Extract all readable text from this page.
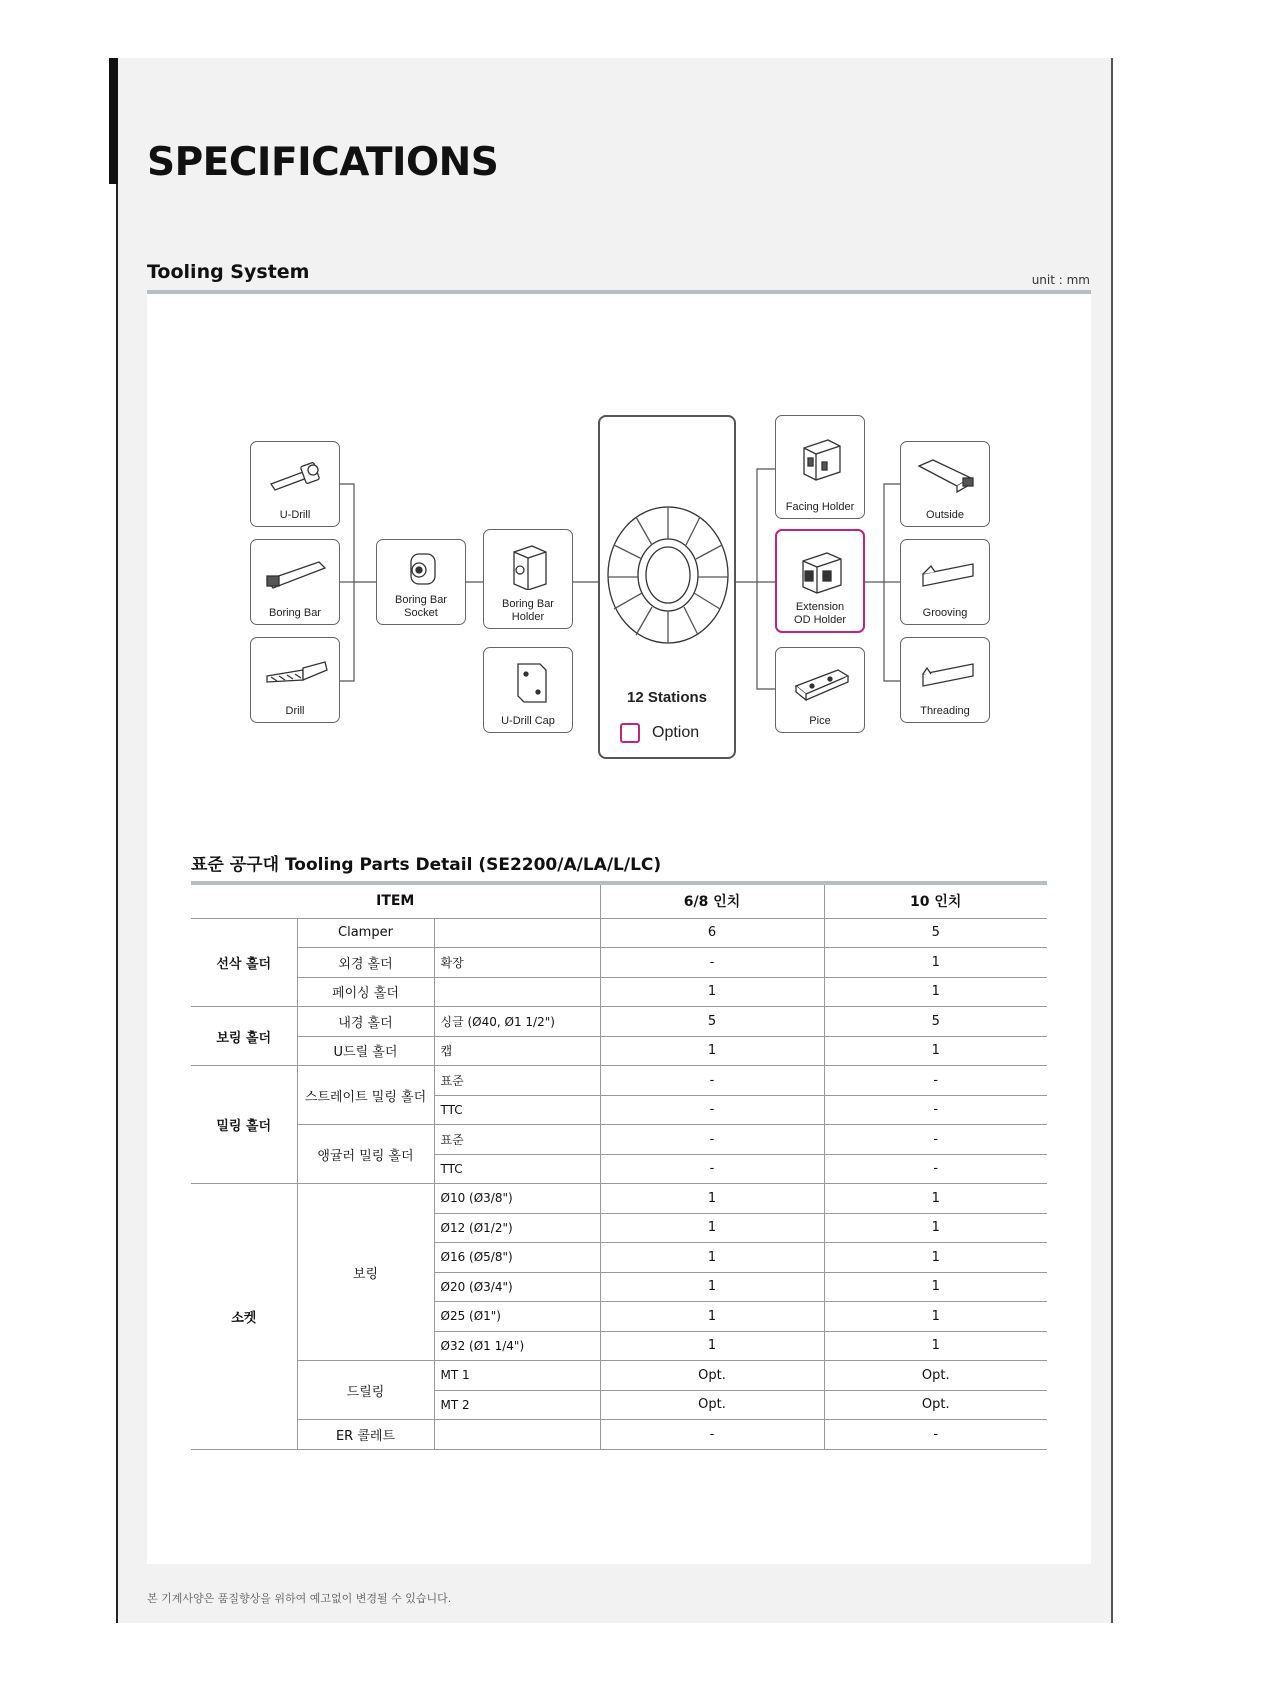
SPECIFICATIONS
Tooling System	unit : mm
U-Drill
Boring Bar
Drill
Boring Bar
Socket
Boring Bar
Holder
U-Drill Cap
12 Stations
Option
Facing Holder
Extension
OD Holder
Pice
Outside
Grooving
Threading
표준 공구대 Tooling Parts Detail (SE2200/A/LA/L/LC)
ITEM			6/8 인치	10 인치
선삭 홀더	Clamper		6	5
	외경 홀더	확장	-	1
	페이싱 홀더		1	1
보링 홀더	내경 홀더	싱글 (Ø40, Ø1 1/2")	5	5
	U드릴 홀더	캡	1	1
밀링 홀더	스트레이트 밀링 홀더	표준	-	-
		TTC	-	-
	앵귤러 밀링 홀더	표준	-	-
		TTC	-	-
소켓	보링	Ø10 (Ø3/8")	1	1
		Ø12 (Ø1/2")	1	1
		Ø16 (Ø5/8")	1	1
		Ø20 (Ø3/4")	1	1
		Ø25 (Ø1")	1	1
		Ø32 (Ø1 1/4")	1	1
	드릴링	MT 1	Opt.	Opt.
		MT 2	Opt.	Opt.
	ER 콜레트		-	-
본 기계사양은 품질향상을 위하여 예고없이 변경될 수 있습니다.
